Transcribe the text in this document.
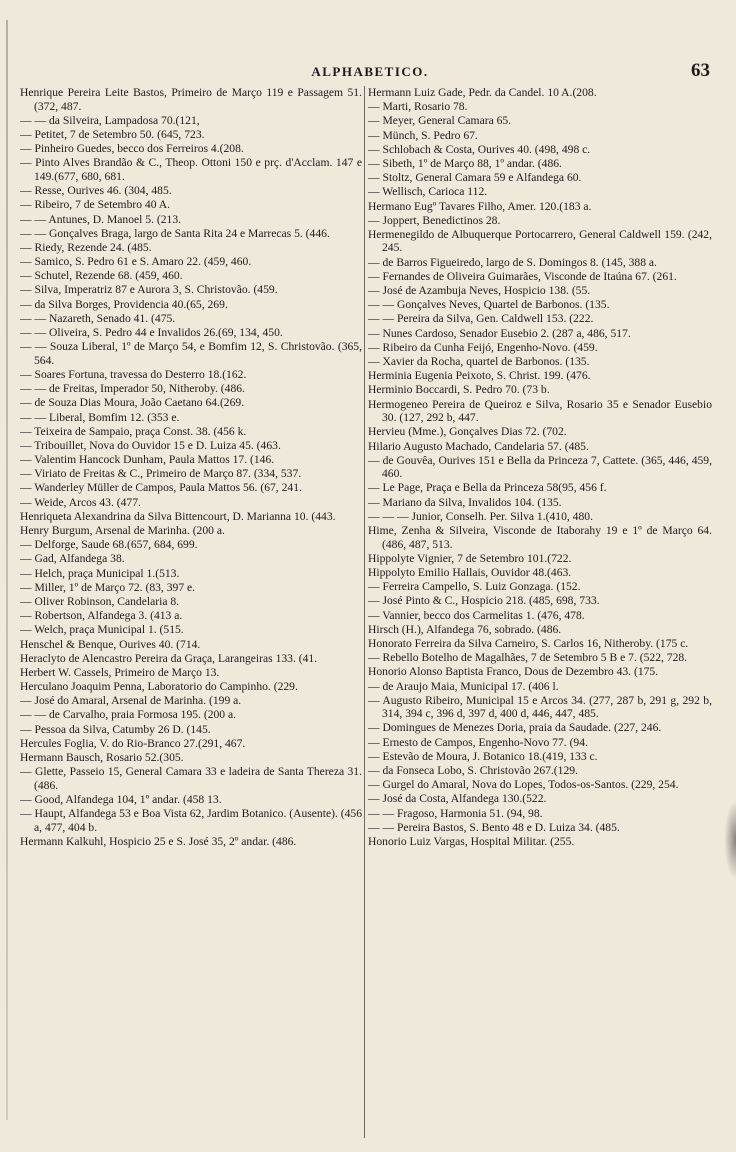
ALPHABETICO.	63
Henrique Pereira Leite Bastos, Primeiro de Março 119 e Passagem 51. (372, 487.
— — da Silveira, Lampadosa 70.(121,
— Petitet, 7 de Setembro 50. (645, 723.
— Pinheiro Guedes, becco dos Ferreiros 4.(208.
— Pinto Alves Brandão & C., Theop. Ottoni 150 e prç. d'Acclam. 147 e 149.(677, 680, 681.
— Resse, Ourives 46. (304, 485.
— Ribeiro, 7 de Setembro 40 A.
— — Antunes, D. Manoel 5. (213.
— — Gonçalves Braga, largo de Santa Rita 24 e Marrecas 5. (446.
— Riedy, Rezende 24. (485.
— Samico, S. Pedro 61 e S. Amaro 22. (459, 460.
— Schutel, Rezende 68. (459, 460.
— Silva, Imperatriz 87 e Aurora 3, S. Christovão. (459.
— da Silva Borges, Providencia 40.(65, 269.
— — Nazareth, Senado 41. (475.
— — Oliveira, S. Pedro 44 e Invalidos 26.(69, 134, 450.
— — Souza Liberal, 1º de Março 54, e Bomfim 12, S. Christovão. (365, 564.
— Soares Fortuna, travessa do Desterro 18.(162.
— — de Freitas, Imperador 50, Nitheroby. (486.
— de Souza Dias Moura, João Caetano 64.(269.
— — Liberal, Bomfim 12. (353 e.
— Teixeira de Sampaio, praça Const. 38. (456 k.
— Tribouillet, Nova do Ouvidor 15 e D. Luiza 45. (463.
— Valentim Hancock Dunham, Paula Mattos 17. (146.
— Viriato de Freitas & C., Primeiro de Março 87. (334, 537.
— Wanderley Müller de Campos, Paula Mattos 56. (67, 241.
— Weide, Arcos 43. (477.
Henriqueta Alexandrina da Silva Bittencourt, D. Marianna 10. (443.
Henry Burgum, Arsenal de Marinha. (200 a.
— Delforge, Saude 68.(657, 684, 699.
— Gad, Alfandega 38.
— Helch, praça Municipal 1.(513.
— Miller, 1º de Março 72. (83, 397 e.
— Oliver Robinson, Candelaria 8.
— Robertson, Alfandega 3. (413 a.
— Welch, praça Municipal 1. (515.
Henschel & Benque, Ourives 40. (714.
Heraclyto de Alencastro Pereira da Graça, Larangeiras 133. (41.
Herbert W. Cassels, Primeiro de Março 13.
Herculano Joaquim Penna, Laboratorio do Campinho. (229.
— José do Amaral, Arsenal de Marinha. (199 a.
— — de Carvalho, praia Formosa 195. (200 a.
— Pessoa da Silva, Catumby 26 D. (145.
Hercules Foglia, V. do Rio-Branco 27.(291, 467.
Hermann Bausch, Rosario 52.(305.
— Glette, Passeio 15, General Camara 33 e ladeira de Santa Thereza 31. (486.
— Good, Alfandega 104, 1º andar. (458 13.
— Haupt, Alfandega 53 e Boa Vista 62, Jardim Botanico. (Ausente). (456 a, 477, 404 b.
Hermann Kalkuhl, Hospicio 25 e S. José 35, 2º andar. (486.
Hermann Luiz Gade, Pedr. da Candel. 10 A.(208.
— Marti, Rosario 78.
— Meyer, General Camara 65.
— Münch, S. Pedro 67.
— Schlobach & Costa, Ourives 40. (498, 498 c.
— Sibeth, 1º de Março 88, 1º andar. (486.
— Stoltz, General Camara 59 e Alfandega 60.
— Wellisch, Carioca 112.
Hermano Eugº Tavares Filho, Amer. 120.(183 a.
— Joppert, Benedictinos 28.
Hermenegildo de Albuquerque Portocarrero, General Caldwell 159. (242, 245.
— de Barros Figueiredo, largo de S. Domingos 8. (145, 388 a.
— Fernandes de Oliveira Guimarães, Visconde de Itaúna 67. (261.
— José de Azambuja Neves, Hospicio 138. (55.
— — Gonçalves Neves, Quartel de Barbonos. (135.
— — Pereira da Silva, Gen. Caldwell 153. (222.
— Nunes Cardoso, Senador Eusebio 2. (287 a, 486, 517.
— Ribeiro da Cunha Feijó, Engenho-Novo. (459.
— Xavier da Rocha, quartel de Barbonos. (135.
Herminia Eugenia Peixoto, S. Christ. 199. (476.
Herminio Boccardi, S. Pedro 70. (73 b.
Hermogeneo Pereira de Queiroz e Silva, Rosario 35 e Senador Eusebio 30. (127, 292 b, 447.
Hervieu (Mme.), Gonçalves Dias 72. (702.
Hilario Augusto Machado, Candelaria 57. (485.
— de Gouvêa, Ourives 151 e Bella da Princeza 7, Cattete. (365, 446, 459, 460.
— Le Page, Praça e Bella da Princeza 58(95, 456 f.
— Mariano da Silva, Invalidos 104. (135.
— — — Junior, Conselh. Per. Silva 1.(410, 480.
Hime, Zenha & Silveira, Visconde de Itaborahy 19 e 1º de Março 64.(486, 487, 513.
Hippolyte Vignier, 7 de Setembro 101.(722.
Hippolyto Emilio Hallais, Ouvidor 48.(463.
— Ferreira Campello, S. Luiz Gonzaga. (152.
— José Pinto & C., Hospicio 218. (485, 698, 733.
— Vannier, becco dos Carmelitas 1. (476, 478.
Hirsch (H.), Alfandega 76, sobrado. (486.
Honorato Ferreira da Silva Carneiro, S. Carlos 16, Nitheroby. (175 c.
— Rebello Botelho de Magalhães, 7 de Setembro 5 B e 7. (522, 728.
Honorio Alonso Baptista Franco, Dous de Dezembro 43. (175.
— de Araujo Maia, Municipal 17. (406 l.
— Augusto Ribeiro, Municipal 15 e Arcos 34. (277, 287 b, 291 g, 292 b, 314, 394 c, 396 d, 397 d, 400 d, 446, 447, 485.
— Domingues de Menezes Doria, praia da Saudade. (227, 246.
— Ernesto de Campos, Engenho-Novo 77. (94.
— Estevão de Moura, J. Botanico 18.(419, 133 c.
— da Fonseca Lobo, S. Christovão 267.(129.
— Gurgel do Amaral, Nova do Lopes, Todos-os-Santos. (229, 254.
— José da Costa, Alfandega 130.(522.
— — Fragoso, Harmonia 51. (94, 98.
— — Pereira Bastos, S. Bento 48 e D. Luiza 34. (485.
Honorio Luiz Vargas, Hospital Militar. (255.
